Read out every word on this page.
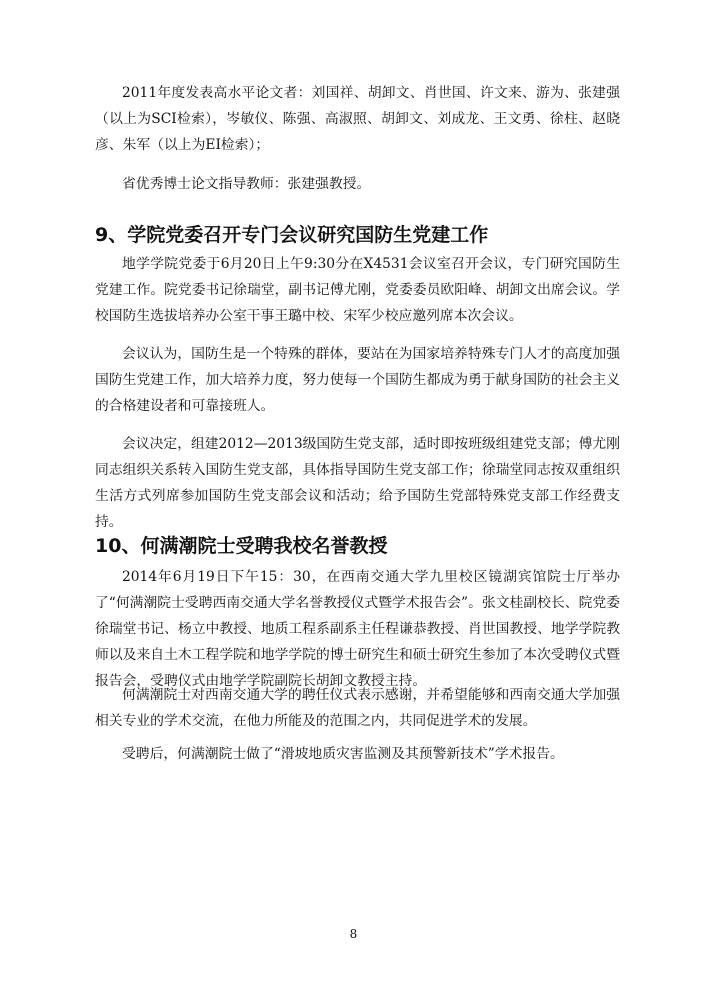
2011年度发表高水平论文者：刘国祥、胡卸文、肖世国、许文来、游为、张建强（以上为SCI检索），岑敏仪、陈强、高淑照、胡卸文、刘成龙、王文勇、徐柱、赵晓彦、朱军（以上为EI检索）；

省优秀博士论文指导教师：张建强教授。

9、学院党委召开专门会议研究国防生党建工作

地学学院党委于6月20日上午9:30分在X4531会议室召开会议，专门研究国防生党建工作。院党委书记徐瑞堂，副书记傅尤刚，党委委员欧阳峰、胡卸文出席会议。学校国防生选拔培养办公室干事王璐中校、宋军少校应邀列席本次会议。

会议认为，国防生是一个特殊的群体，要站在为国家培养特殊专门人才的高度加强国防生党建工作，加大培养力度，努力使每一个国防生都成为勇于献身国防的社会主义的合格建设者和可靠接班人。

会议决定，组建2012—2013级国防生党支部，适时即按班级组建党支部；傅尤刚同志组织关系转入国防生党支部，具体指导国防生党支部工作；徐瑞堂同志按双重组织生活方式列席参加国防生党支部会议和活动；给予国防生党部特殊党支部工作经费支持。

10、何满潮院士受聘我校名誉教授

2014年6月19日下午15：30，在西南交通大学九里校区镜湖宾馆院士厅举办了“何满潮院士受聘西南交通大学名誉教授仪式暨学术报告会”。张文桂副校长、院党委徐瑞堂书记、杨立中教授、地质工程系副系主任程谦恭教授、肖世国教授、地学学院教师以及来自土木工程学院和地学学院的博士研究生和硕士研究生参加了本次受聘仪式暨报告会，受聘仪式由地学学院副院长胡卸文教授主持。

何满潮院士对西南交通大学的聘任仪式表示感谢，并希望能够和西南交通大学加强相关专业的学术交流，在他力所能及的范围之内，共同促进学术的发展。

受聘后，何满潮院士做了“滑坡地质灾害监测及其预警新技术”学术报告。

8
